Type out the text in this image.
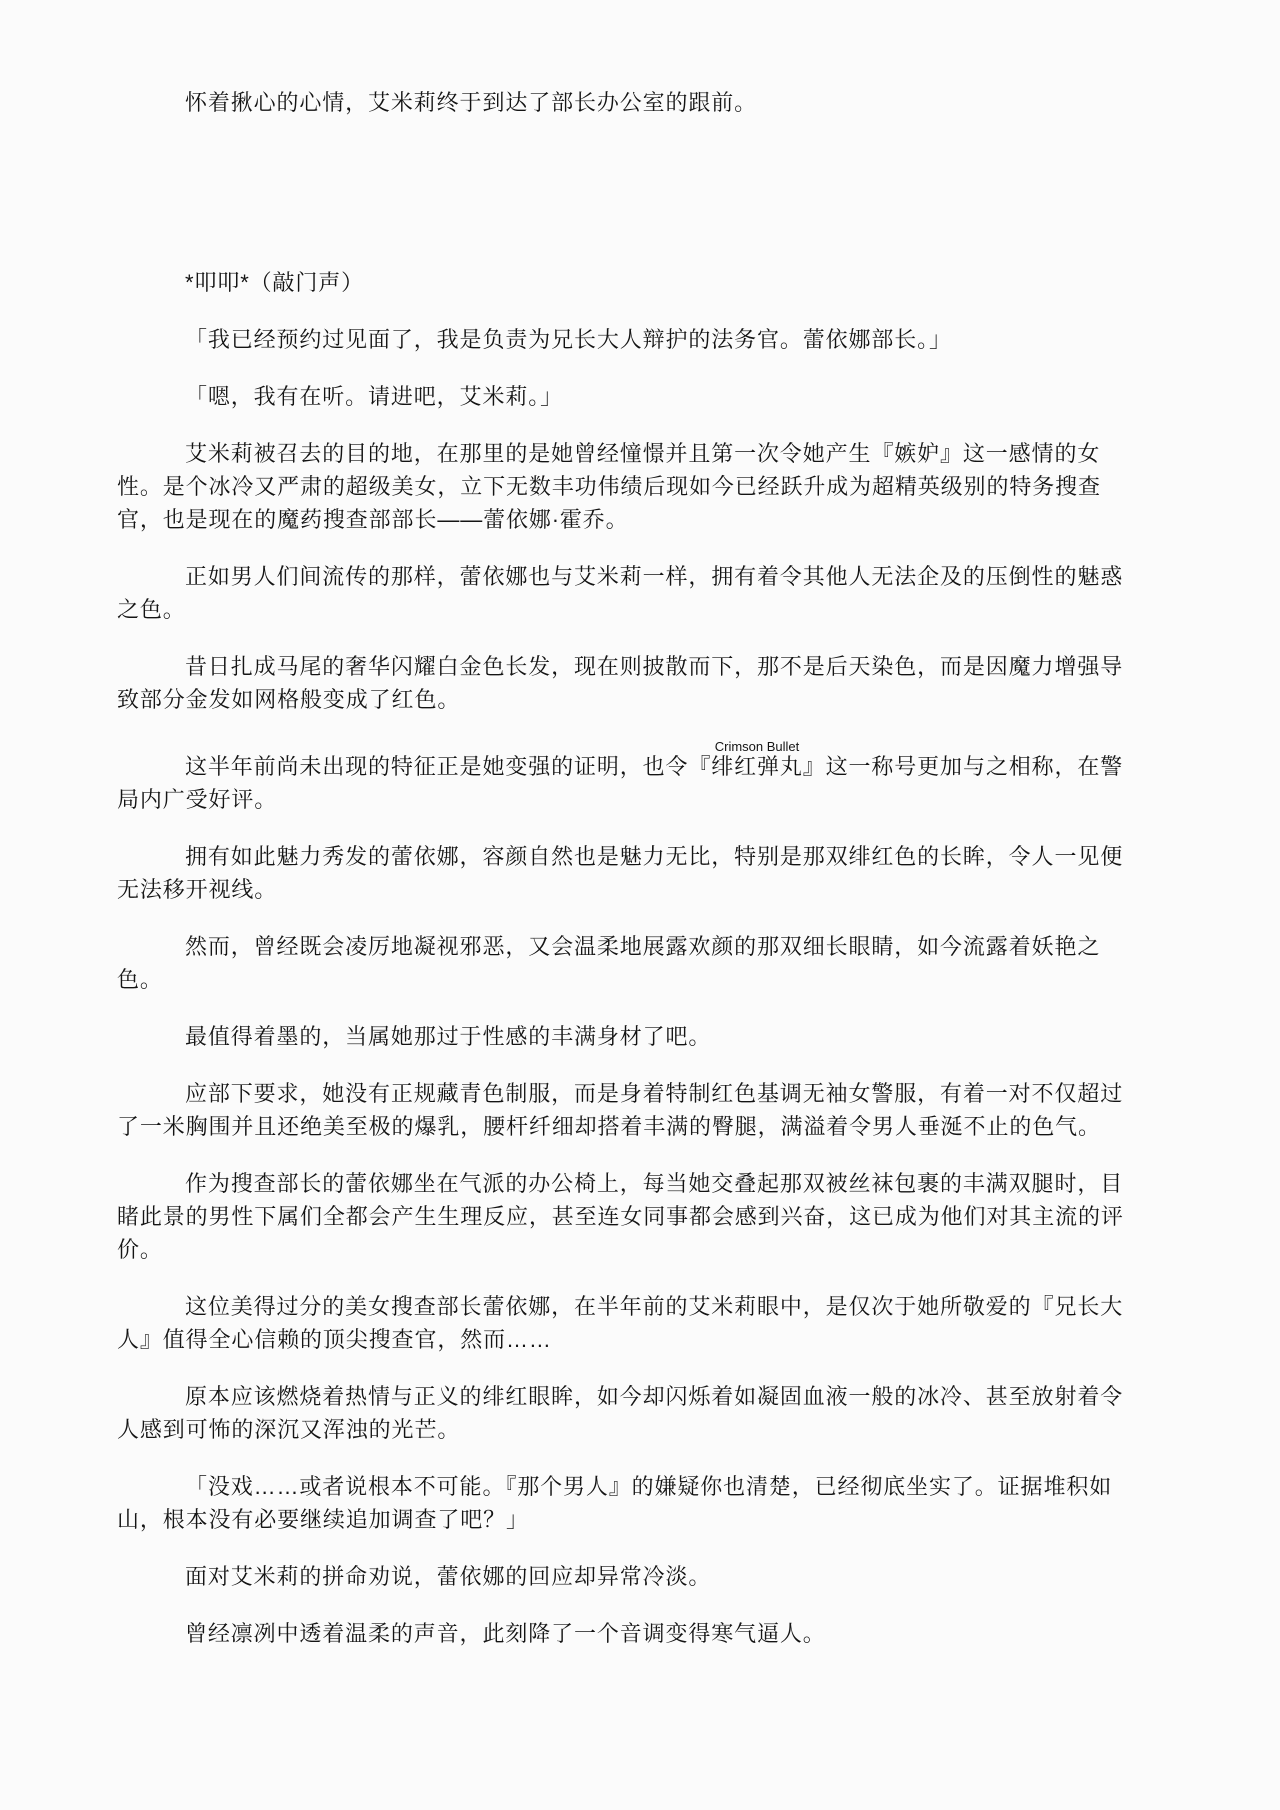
怀着揪心的心情，艾米莉终于到达了部长办公室的跟前。

*叩叩*（敲门声）

「我已经预约过见面了，我是负责为兄长大人辩护的法务官。蕾依娜部长。」

「嗯，我有在听。请进吧，艾米莉。」

艾米莉被召去的目的地，在那里的是她曾经憧憬并且第一次令她产生『嫉妒』这一感情的女性。是个冰冷又严肃的超级美女，立下无数丰功伟绩后现如今已经跃升成为超精英级别的特务搜查官，也是现在的魔药搜查部部长——蕾依娜·霍乔。

正如男人们间流传的那样，蕾依娜也与艾米莉一样，拥有着令其他人无法企及的压倒性的魅惑之色。

昔日扎成马尾的奢华闪耀白金色长发，现在则披散而下，那不是后天染色，而是因魔力增强导致部分金发如网格般变成了红色。

这半年前尚未出现的特征正是她变强的证明，也令『绯红弹丸Crimson Bullet』这一称号更加与之相称，在警局内广受好评。

拥有如此魅力秀发的蕾依娜，容颜自然也是魅力无比，特别是那双绯红色的长眸，令人一见便无法移开视线。

然而，曾经既会凌厉地凝视邪恶，又会温柔地展露欢颜的那双细长眼睛，如今流露着妖艳之色。

最值得着墨的，当属她那过于性感的丰满身材了吧。

应部下要求，她没有正规藏青色制服，而是身着特制红色基调无袖女警服，有着一对不仅超过了一米胸围并且还绝美至极的爆乳，腰杆纤细却搭着丰满的臀腿，满溢着令男人垂涎不止的色气。

作为搜查部长的蕾依娜坐在气派的办公椅上，每当她交叠起那双被丝袜包裹的丰满双腿时，目睹此景的男性下属们全都会产生生理反应，甚至连女同事都会感到兴奋，这已成为他们对其主流的评价。

这位美得过分的美女搜查部长蕾依娜，在半年前的艾米莉眼中，是仅次于她所敬爱的『兄长大人』值得全心信赖的顶尖搜查官，然而……

原本应该燃烧着热情与正义的绯红眼眸，如今却闪烁着如凝固血液一般的冰冷、甚至放射着令人感到可怖的深沉又浑浊的光芒。

「没戏……或者说根本不可能。『那个男人』的嫌疑你也清楚，已经彻底坐实了。证据堆积如山，根本没有必要继续追加调查了吧？」

面对艾米莉的拼命劝说，蕾依娜的回应却异常冷淡。

曾经凛冽中透着温柔的声音，此刻降了一个音调变得寒气逼人。
